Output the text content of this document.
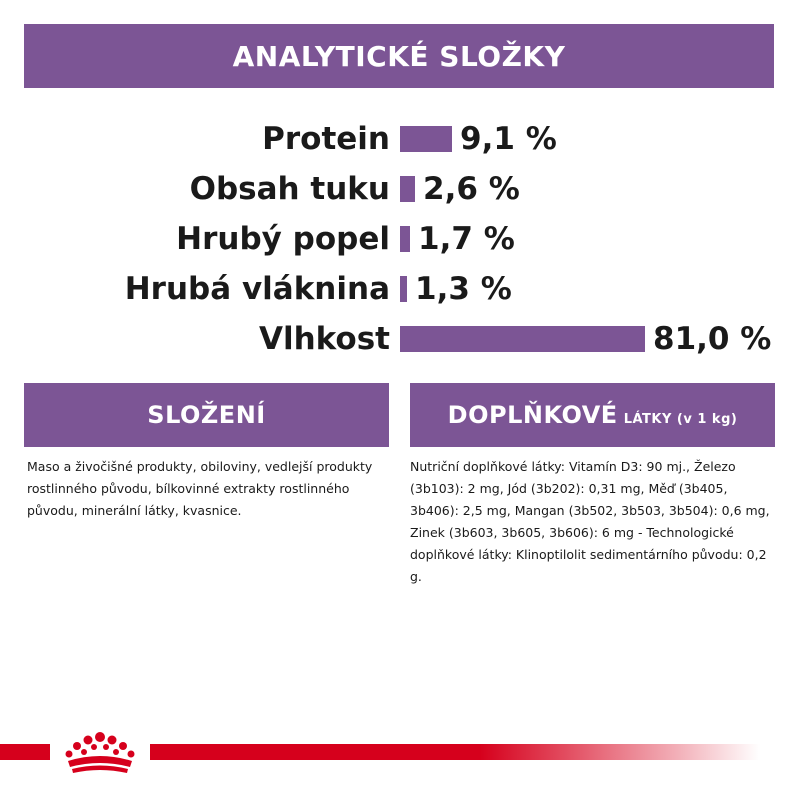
ANALYTICKÉ SLOŽKY
Protein 9,1 %
Obsah tuku 2,6 %
Hrubý popel 1,7 %
Hrubá vláknina 1,3 %
Vlhkost	81,0 %
SLOŽENÍ
Maso a živočišné produkty, obiloviny, vedlejší produkty rostlinného původu, bílkovinné extrakty rostlinného původu, minerální látky, kvasnice.
DOPLŇKOVÉ LÁTKY (v 1 kg)
Nutriční doplňkové látky: Vitamín D3: 90 mj., Železo (3b103): 2 mg, Jód (3b202): 0,31 mg, Měď (3b405, 3b406): 2,5 mg, Mangan (3b502, 3b503, 3b504): 0,6 mg, Zinek (3b603, 3b605, 3b606): 6 mg - Technologické doplňkové látky: Klinoptilolit sedimentárního původu: 0,2 g.
